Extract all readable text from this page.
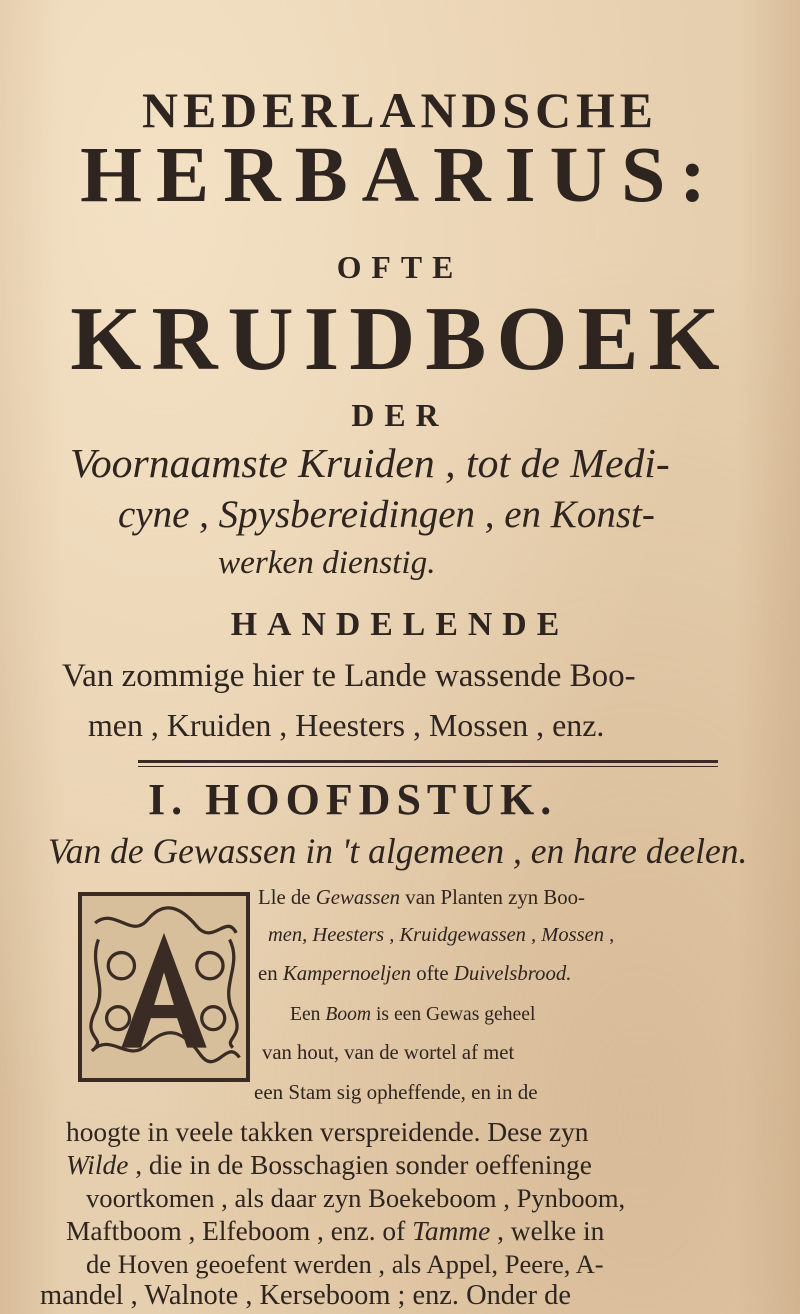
NEDERLANDSCHE
HERBARIUS:
OFTE
KRUIDBOEK
DER
Voornaamste Kruiden , tot de Medi-
cyne , Spysbereidingen , en Konst-
werken dienstig.
HANDELENDE
Van zommige hier te Lande wassende Boo-
men , Kruiden , Heesters , Mossen , enz.
I. HOOFDSTUK.
Van de Gewassen in 't algemeen , en hare deelen.
Lle de Gewassen van Planten zyn Boo-
men, Heesters , Kruidgewassen , Mossen ,
en Kampernoeljen ofte Duivelsbrood.
Een Boom is een Gewas geheel
van hout, van de wortel af met
een Stam sig opheffende, en in de
hoogte in veele takken verspreidende. Dese zyn
Wilde , die in de Bosschagien sonder oeffeninge
voortkomen , als daar zyn Boekeboom , Pynboom,
Maftboom , Elfeboom , enz. of Tamme , welke in
de Hoven geoefent werden , als Appel, Peere, A-
mandel , Walnote , Kerseboom ; enz. Onder de
